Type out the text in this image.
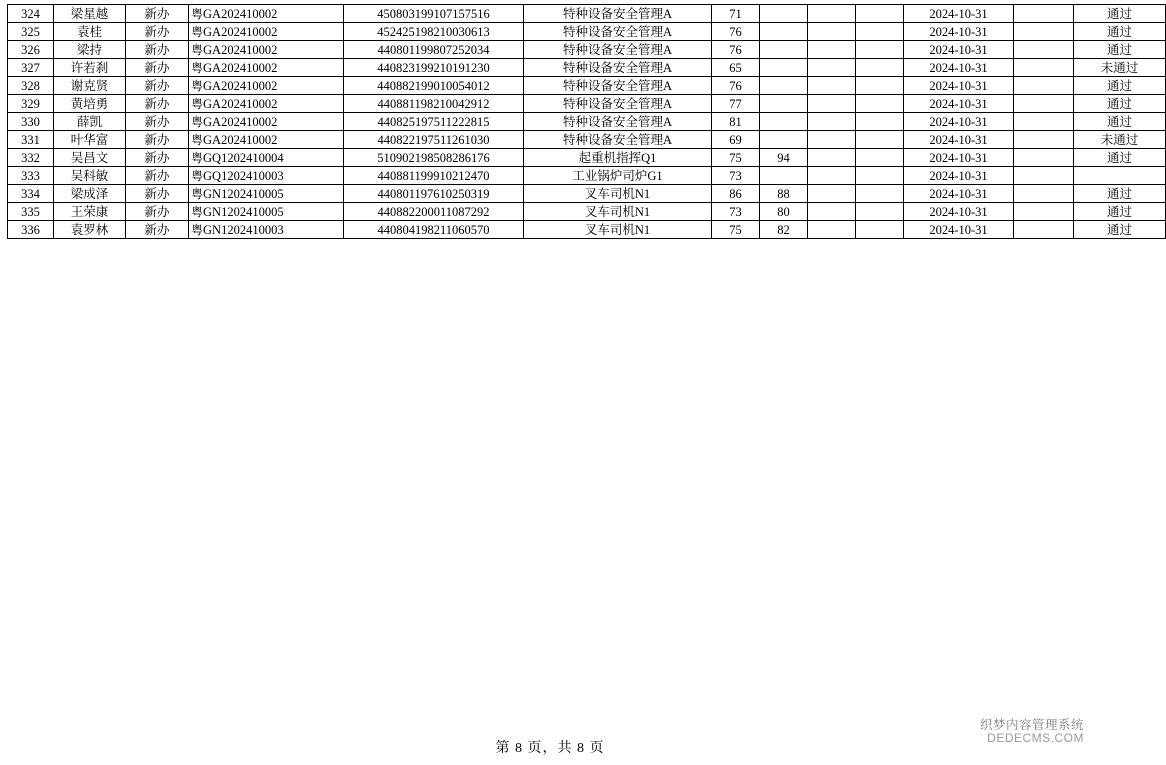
324	梁星越	新办	粤 GA202410002	450803199107157516	特种设备安全管理A	71				2024-10-31		通过
325	袁桂	新办	粤 GA202410002	452425198210030613	特种设备安全管理A	76				2024-10-31		通过
326	梁持	新办	粤 GA202410002	440801199807252034	特种设备安全管理A	76				2024-10-31		通过
327	许若刹	新办	粤 GA202410002	440823199210191230	特种设备安全管理A	65				2024-10-31		未通过
328	谢克贤	新办	粤 GA202410002	440882199010054012	特种设备安全管理A	76				2024-10-31		通过
329	黄培勇	新办	粤 GA202410002	440881198210042912	特种设备安全管理A	77				2024-10-31		通过
330	薛凯	新办	粤 GA202410002	440825197511222815	特种设备安全管理A	81				2024-10-31		通过
331	叶华富	新办	粤 GA202410002	440822197511261030	特种设备安全管理A	69				2024-10-31		未通过
332	吴昌文	新办	粤 GQ1202410004	510902198508286176	起重机指挥Q1	75	94			2024-10-31		通过
333	吴科敏	新办	粤 GQ1202410003	440881199910212470	工业锅炉司炉G1	73				2024-10-31		
334	梁成泽	新办	粤 GN1202410005	440801197610250319	叉车司机N1	86	88			2024-10-31		通过
335	王荣康	新办	粤 GN1202410005	440882200011087292	叉车司机N1	73	80			2024-10-31		通过
336	袁罗林	新办	粤 GN1202410003	440804198211060570	叉车司机N1	75	82			2024-10-31		通过
第 8 页，共 8 页
织梦内容管理系统
DEDECMS.COM
